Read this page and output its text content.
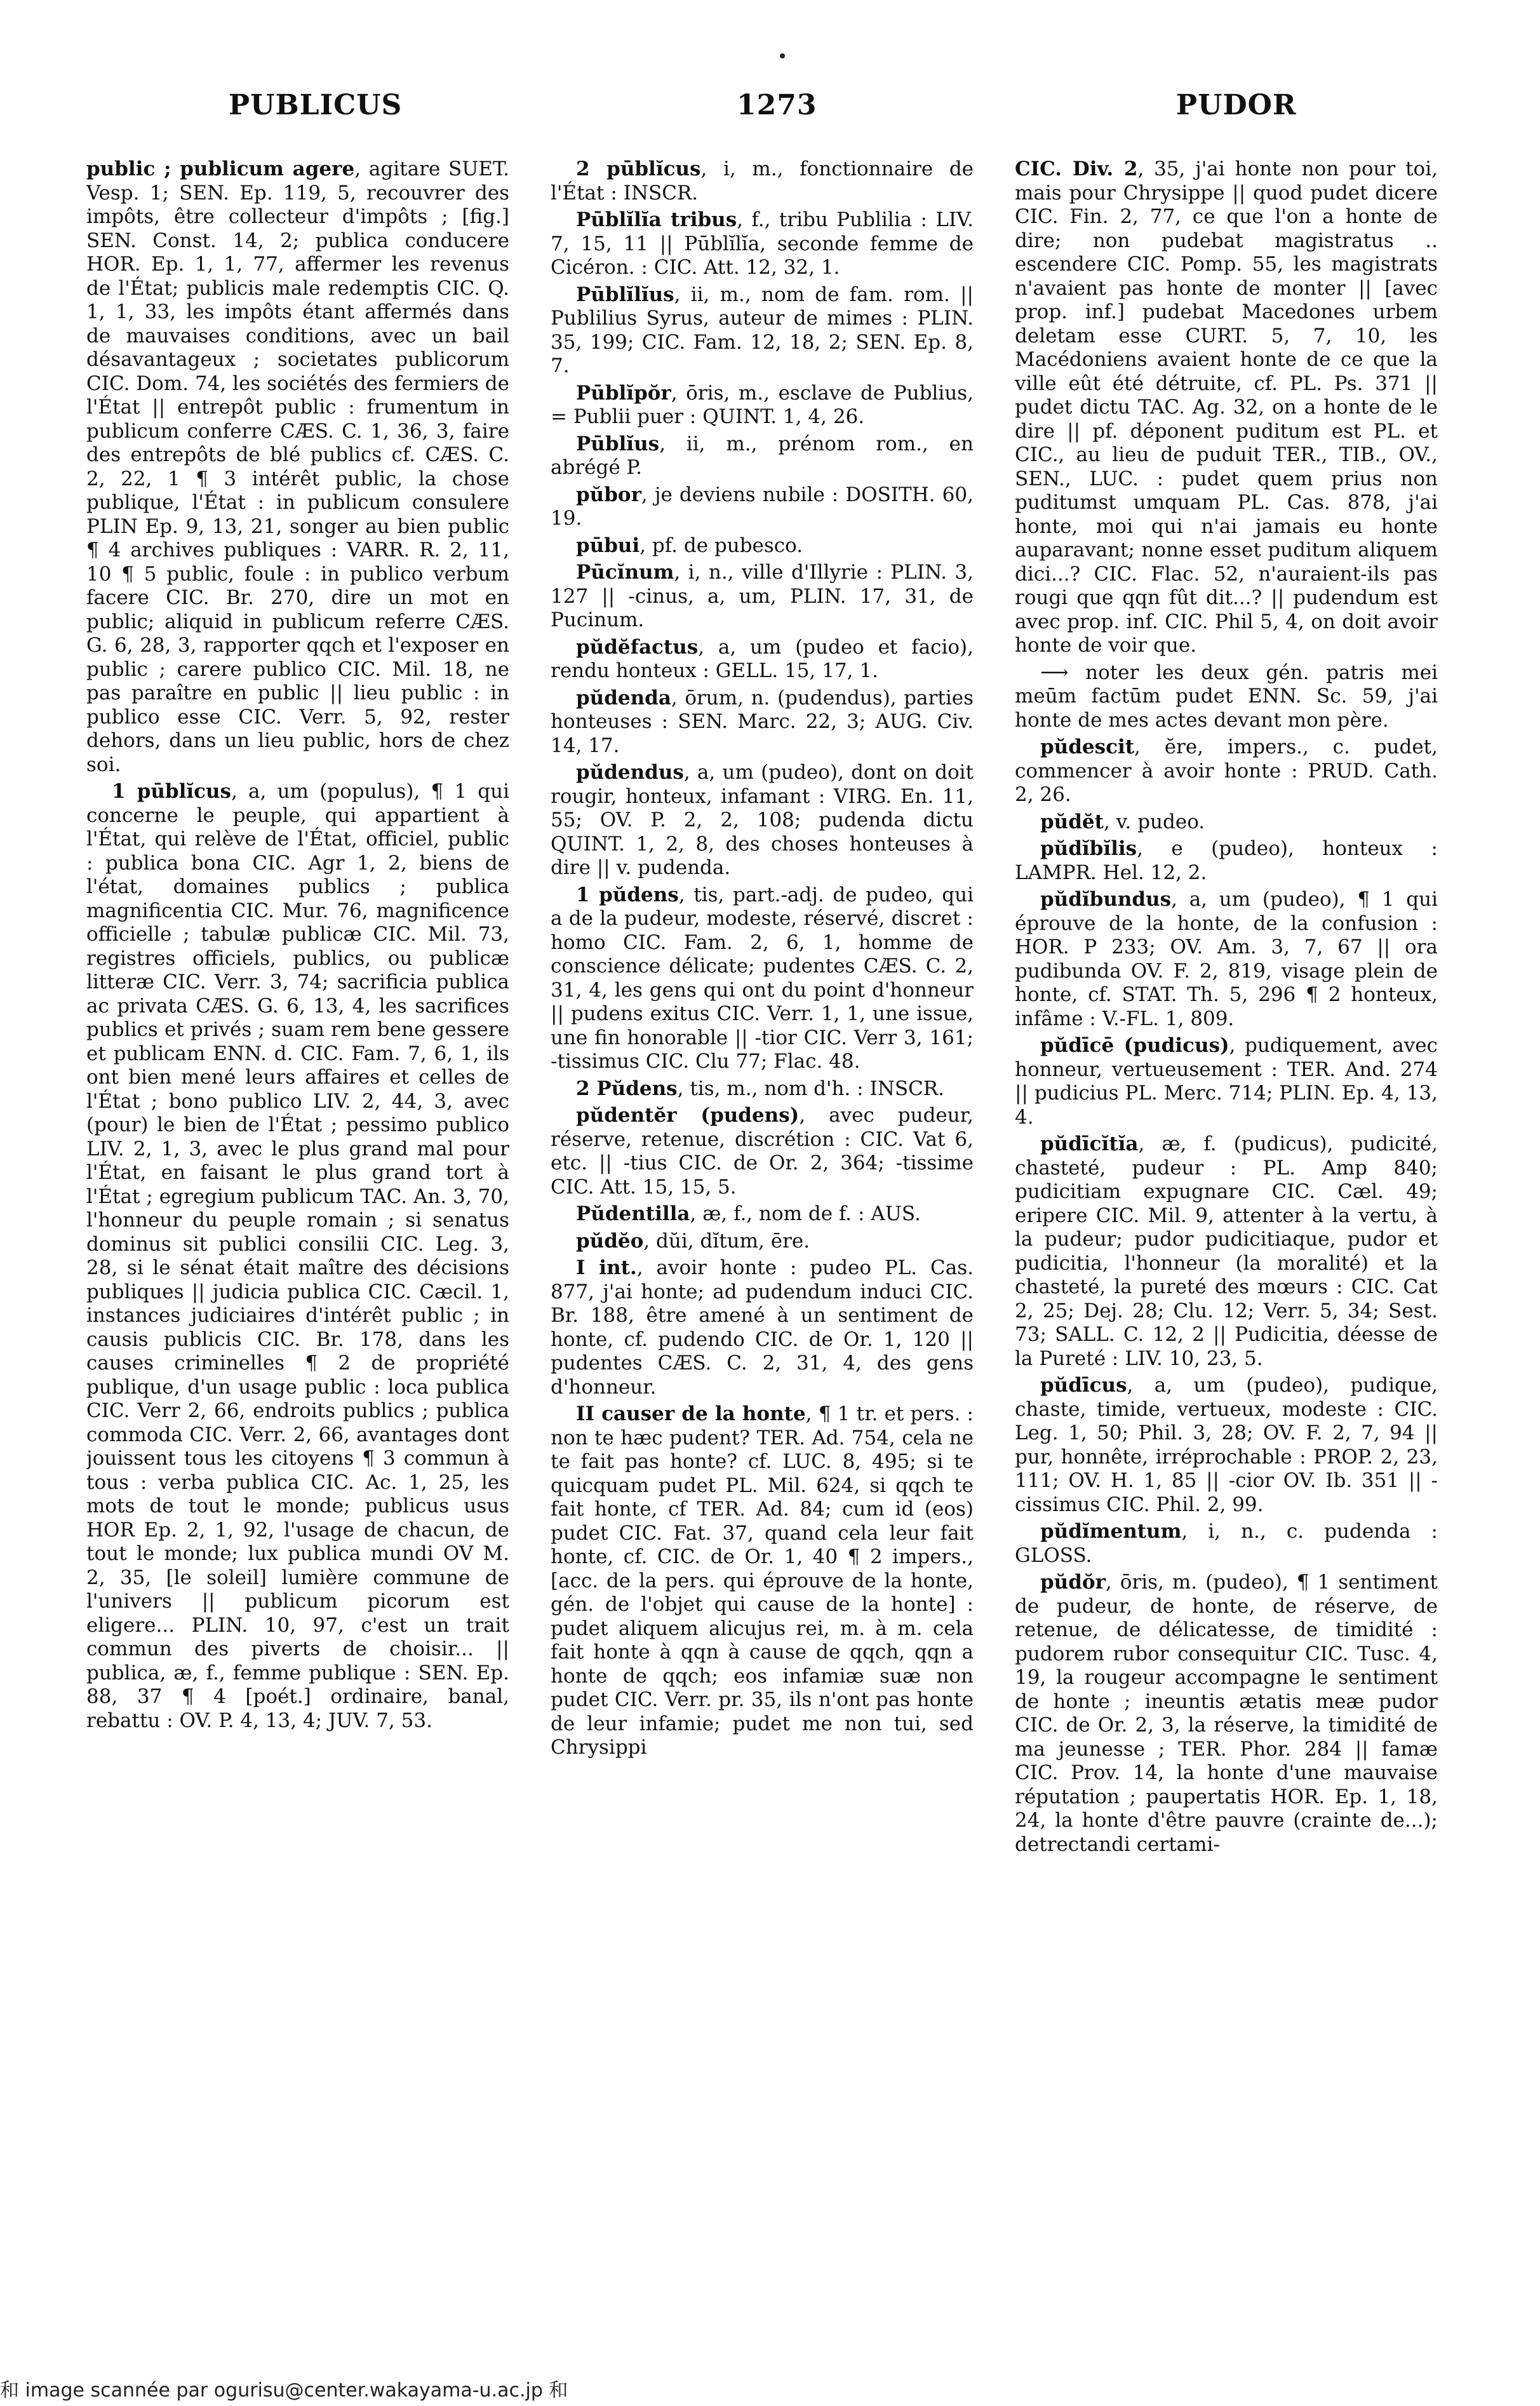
PUBLICUS	1273	PUDOR

public ; publicum agere, agitare SUET. Vesp. 1; SEN. Ep. 119, 5, recouvrer des impôts, être collecteur d'impôts ; [fig.] SEN. Const. 14, 2; publica conducere HOR. Ep. 1, 1, 77, affermer les revenus de l'État; publicis male redemptis CIC. Q. 1, 1, 33, les impôts étant affermés dans de mauvaises conditions, avec un bail désavantageux ; societates publicorum CIC. Dom. 74, les sociétés des fermiers de l'État || entrepôt public : frumentum in publicum conferre CÆS. C. 1, 36, 3, faire des entrepôts de blé publics cf. CÆS. C. 2, 22, 1 ¶ 3 intérêt public, la chose publique, l'État : in publicum consulere PLIN Ep. 9, 13, 21, songer au bien public ¶ 4 archives publiques : VARR. R. 2, 11, 10 ¶ 5 public, foule : in publico verbum facere CIC. Br. 270, dire un mot en public; aliquid in publicum referre CÆS. G. 6, 28, 3, rapporter qqch et l'exposer en public ; carere publico CIC. Mil. 18, ne pas paraître en public || lieu public : in publico esse CIC. Verr. 5, 92, rester dehors, dans un lieu public, hors de chez soi.

1 pūblĭcus, a, um (populus), ¶ 1 qui concerne le peuple, qui appartient à l'État, qui relève de l'État, officiel, public : publica bona CIC. Agr 1, 2, biens de l'état, domaines publics ; publica magnificentia CIC. Mur. 76, magnificence officielle ; tabulæ publicæ CIC. Mil. 73, registres officiels, publics, ou publicæ litteræ CIC. Verr. 3, 74; sacrificia publica ac privata CÆS. G. 6, 13, 4, les sacrifices publics et privés ; suam rem bene gessere et publicam ENN. d. CIC. Fam. 7, 6, 1, ils ont bien mené leurs affaires et celles de l'État ; bono publico LIV. 2, 44, 3, avec (pour) le bien de l'État ; pessimo publico LIV. 2, 1, 3, avec le plus grand mal pour l'État, en faisant le plus grand tort à l'État ; egregium publicum TAC. An. 3, 70, l'honneur du peuple romain ; si senatus dominus sit publici consilii CIC. Leg. 3, 28, si le sénat était maître des décisions publiques || judicia publica CIC. Cæcil. 1, instances judiciaires d'intérêt public ; in causis publicis CIC. Br. 178, dans les causes criminelles ¶ 2 de propriété publique, d'un usage public : loca publica CIC. Verr 2, 66, endroits publics ; publica commoda CIC. Verr. 2, 66, avantages dont jouissent tous les citoyens ¶ 3 commun à tous : verba publica CIC. Ac. 1, 25, les mots de tout le monde; publicus usus HOR Ep. 2, 1, 92, l'usage de chacun, de tout le monde; lux publica mundi OV M. 2, 35, [le soleil] lumière commune de l'univers || publicum picorum est eligere... PLIN. 10, 97, c'est un trait commun des piverts de choisir... || publica, æ, f., femme publique : SEN. Ep. 88, 37 ¶ 4 [poét.] ordinaire, banal, rebattu : OV. P. 4, 13, 4; JUV. 7, 53.

2 pūblĭcus, i, m., fonctionnaire de l'État : INSCR.

Pūblĭlĭa tribus, f., tribu Publilia : LIV. 7, 15, 11 || Pūblĭlĭa, seconde femme de Cicéron. : CIC. Att. 12, 32, 1.

Pūblĭlĭus, ii, m., nom de fam. rom. || Publilius Syrus, auteur de mimes : PLIN. 35, 199; CIC. Fam. 12, 18, 2; SEN. Ep. 8, 7.

Pūblĭpŏr, ōris, m., esclave de Publius, = Publii puer : QUINT. 1, 4, 26.

Pūblĭus, ii, m., prénom rom., en abrégé P.

pŭbor, je deviens nubile : DOSITH. 60, 19.

pūbui, pf. de pubesco.

Pūcĭnum, i, n., ville d'Illyrie : PLIN. 3, 127 || -cinus, a, um, PLIN. 17, 31, de Pucinum.

pŭdĕfactus, a, um (pudeo et facio), rendu honteux : GELL. 15, 17, 1.

pŭdenda, ōrum, n. (pudendus), parties honteuses : SEN. Marc. 22, 3; AUG. Civ. 14, 17.

pŭdendus, a, um (pudeo), dont on doit rougir, honteux, infamant : VIRG. En. 11, 55; OV. P. 2, 2, 108; pudenda dictu QUINT. 1, 2, 8, des choses honteuses à dire || v. pudenda.

1 pŭdens, tis, part.-adj. de pudeo, qui a de la pudeur, modeste, réservé, discret : homo CIC. Fam. 2, 6, 1, homme de conscience délicate; pudentes CÆS. C. 2, 31, 4, les gens qui ont du point d'honneur || pudens exitus CIC. Verr. 1, 1, une issue, une fin honorable || -tior CIC. Verr 3, 161; -tissimus CIC. Clu 77; Flac. 48.

2 Pŭdens, tis, m., nom d'h. : INSCR.

pŭdentĕr (pudens), avec pudeur, réserve, retenue, discrétion : CIC. Vat 6, etc. || -tius CIC. de Or. 2, 364; -tissime CIC. Att. 15, 15, 5.

Pŭdentilla, æ, f., nom de f. : AUS.

pŭdĕo, dŭi, dĭtum, ēre.

I int., avoir honte : pudeo PL. Cas. 877, j'ai honte; ad pudendum induci CIC. Br. 188, être amené à un sentiment de honte, cf. pudendo CIC. de Or. 1, 120 || pudentes CÆS. C. 2, 31, 4, des gens d'honneur.

II causer de la honte, ¶ 1 tr. et pers. : non te hæc pudent? TER. Ad. 754, cela ne te fait pas honte? cf. LUC. 8, 495; si te quicquam pudet PL. Mil. 624, si qqch te fait honte, cf TER. Ad. 84; cum id (eos) pudet CIC. Fat. 37, quand cela leur fait honte, cf. CIC. de Or. 1, 40 ¶ 2 impers., [acc. de la pers. qui éprouve de la honte, gén. de l'objet qui cause de la honte] : pudet aliquem alicujus rei, m. à m. cela fait honte à qqn à cause de qqch, qqn a honte de qqch; eos infamiæ suæ non pudet CIC. Verr. pr. 35, ils n'ont pas honte de leur infamie; pudet me non tui, sed Chrysippi

CIC. Div. 2, 35, j'ai honte non pour toi, mais pour Chrysippe || quod pudet dicere CIC. Fin. 2, 77, ce que l'on a honte de dire; non pudebat magistratus .. escendere CIC. Pomp. 55, les magistrats n'avaient pas honte de monter || [avec prop. inf.] pudebat Macedones urbem deletam esse CURT. 5, 7, 10, les Macédoniens avaient honte de ce que la ville eût été détruite, cf. PL. Ps. 371 || pudet dictu TAC. Ag. 32, on a honte de le dire || pf. déponent puditum est PL. et CIC., au lieu de puduit TER., TIB., OV., SEN., LUC. : pudet quem prius non puditumst umquam PL. Cas. 878, j'ai honte, moi qui n'ai jamais eu honte auparavant; nonne esset puditum aliquem dici...? CIC. Flac. 52, n'auraient-ils pas rougi que qqn fût dit...? || pudendum est avec prop. inf. CIC. Phil 5, 4, on doit avoir honte de voir que.

⟶ noter les deux gén. patris mei meūm factūm pudet ENN. Sc. 59, j'ai honte de mes actes devant mon père.

pŭdescit, ĕre, impers., c. pudet, commencer à avoir honte : PRUD. Cath. 2, 26.

pŭdĕt, v. pudeo.

pŭdĭbĭlis, e (pudeo), honteux : LAMPR. Hel. 12, 2.

pŭdĭbundus, a, um (pudeo), ¶ 1 qui éprouve de la honte, de la confusion : HOR. P 233; OV. Am. 3, 7, 67 || ora pudibunda OV. F. 2, 819, visage plein de honte, cf. STAT. Th. 5, 296 ¶ 2 honteux, infâme : V.-FL. 1, 809.

pŭdīcē (pudicus), pudiquement, avec honneur, vertueusement : TER. And. 274 || pudicius PL. Merc. 714; PLIN. Ep. 4, 13, 4.

pŭdīcĭtĭa, æ, f. (pudicus), pudicité, chasteté, pudeur : PL. Amp 840; pudicitiam expugnare CIC. Cæl. 49; eripere CIC. Mil. 9, attenter à la vertu, à la pudeur; pudor pudicitiaque, pudor et pudicitia, l'honneur (la moralité) et la chasteté, la pureté des mœurs : CIC. Cat 2, 25; Dej. 28; Clu. 12; Verr. 5, 34; Sest. 73; SALL. C. 12, 2 || Pudicitia, déesse de la Pureté : LIV. 10, 23, 5.

pŭdīcus, a, um (pudeo), pudique, chaste, timide, vertueux, modeste : CIC. Leg. 1, 50; Phil. 3, 28; OV. F. 2, 7, 94 || pur, honnête, irréprochable : PROP. 2, 23, 111; OV. H. 1, 85 || -cior OV. Ib. 351 || -cissimus CIC. Phil. 2, 99.

pŭdĭmentum, i, n., c. pudenda : GLOSS.

pŭdŏr, ōris, m. (pudeo), ¶ 1 sentiment de pudeur, de honte, de réserve, de retenue, de délicatesse, de timidité : pudorem rubor consequitur CIC. Tusc. 4, 19, la rougeur accompagne le sentiment de honte ; ineuntis ætatis meæ pudor CIC. de Or. 2, 3, la réserve, la timidité de ma jeunesse ; TER. Phor. 284 || famæ CIC. Prov. 14, la honte d'une mauvaise réputation ; paupertatis HOR. Ep. 1, 18, 24, la honte d'être pauvre (crainte de...); detrectandi certami-

和 image scannée par ogurisu@center.wakayama-u.ac.jp 和
